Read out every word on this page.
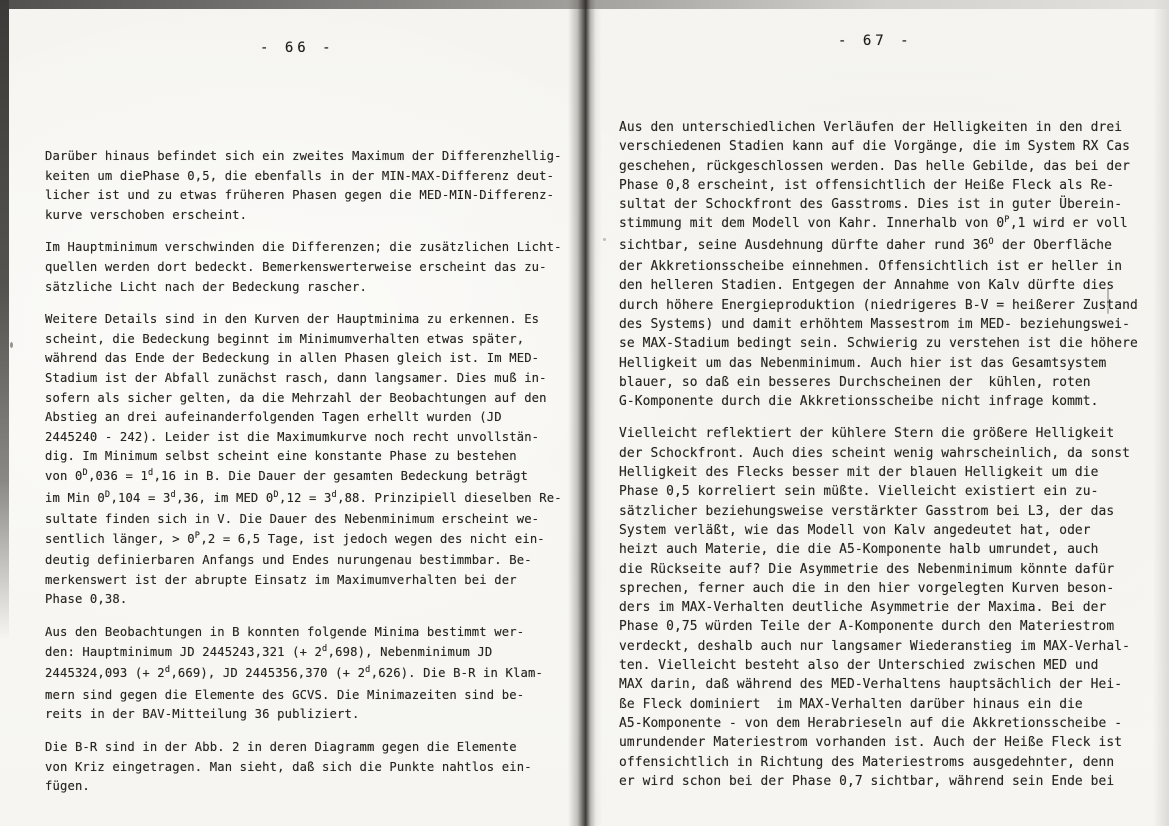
- 66 -	- 67 -
Darüber hinaus befindet sich ein zweites Maximum der Differenzhellig-
keiten um diePhase 0,5, die ebenfalls in der MIN-MAX-Differenz deut-
licher ist und zu etwas früheren Phasen gegen die MED-MIN-Differenz-
kurve verschoben erscheint.
Im Hauptminimum verschwinden die Differenzen; die zusätzlichen Licht-
quellen werden dort bedeckt. Bemerkenswerterweise erscheint das zu-
sätzliche Licht nach der Bedeckung rascher.
Weitere Details sind in den Kurven der Hauptminima zu erkennen. Es
scheint, die Bedeckung beginnt im Minimumverhalten etwas später,
während das Ende der Bedeckung in allen Phasen gleich ist. Im MED-
Stadium ist der Abfall zunächst rasch, dann langsamer. Dies muß in-
sofern als sicher gelten, da die Mehrzahl der Beobachtungen auf den
Abstieg an drei aufeinanderfolgenden Tagen erhellt wurden (JD
2445240 - 242). Leider ist die Maximumkurve noch recht unvollstän-
dig. Im Minimum selbst scheint eine konstante Phase zu bestehen
von 0D,036 = 1d,16 in B. Die Dauer der gesamten Bedeckung beträgt
im Min 0D,104 = 3d,36, im MED 0D,12 = 3d,88. Prinzipiell dieselben Re-
sultate finden sich in V. Die Dauer des Nebenminimum erscheint we-
sentlich länger, > 0P,2 = 6,5 Tage, ist jedoch wegen des nicht ein-
deutig definierbaren Anfangs und Endes nurungenau bestimmbar. Be-
merkenswert ist der abrupte Einsatz im Maximumverhalten bei der
Phase 0,38.
Aus den Beobachtungen in B konnten folgende Minima bestimmt wer-
den: Hauptminimum JD 2445243,321 (+ 2d,698), Nebenminimum JD
2445324,093 (+ 2d,669), JD 2445356,370 (+ 2d,626). Die B-R in Klam-
mern sind gegen die Elemente des GCVS. Die Minimazeiten sind be-
reits in der BAV-Mitteilung 36 publiziert.
Die B-R sind in der Abb. 2 in deren Diagramm gegen die Elemente
von Kriz eingetragen. Man sieht, daß sich die Punkte nahtlos ein-
fügen.
Aus den unterschiedlichen Verläufen der Helligkeiten in den drei
verschiedenen Stadien kann auf die Vorgänge, die im System RX Cas
geschehen, rückgeschlossen werden. Das helle Gebilde, das bei der
Phase 0,8 erscheint, ist offensichtlich der Heiße Fleck als Re-
sultat der Schockfront des Gasstroms. Dies ist in guter Überein-
stimmung mit dem Modell von Kahr. Innerhalb von 0P,1 wird er voll
sichtbar, seine Ausdehnung dürfte daher rund 36O der Oberfläche
der Akkretionsscheibe einnehmen. Offensichtlich ist er heller in
den helleren Stadien. Entgegen der Annahme von Kalv dürfte dies
durch höhere Energieproduktion (niedrigeres B-V = heißerer Zustand
des Systems) und damit erhöhtem Massestrom im MED- beziehungswei-
se MAX-Stadium bedingt sein. Schwierig zu verstehen ist die höhere
Helligkeit um das Nebenminimum. Auch hier ist das Gesamtsystem
blauer, so daß ein besseres Durchscheinen der  kühlen, roten
G-Komponente durch die Akkretionsscheibe nicht infrage kommt.
Vielleicht reflektiert der kühlere Stern die größere Helligkeit
der Schockfront. Auch dies scheint wenig wahrscheinlich, da sonst
Helligkeit des Flecks besser mit der blauen Helligkeit um die
Phase 0,5 korreliert sein müßte. Vielleicht existiert ein zu-
sätzlicher beziehungsweise verstärkter Gasstrom bei L3, der das
System verläßt, wie das Modell von Kalv angedeutet hat, oder
heizt auch Materie, die die A5-Komponente halb umrundet, auch
die Rückseite auf? Die Asymmetrie des Nebenminimum könnte dafür
sprechen, ferner auch die in den hier vorgelegten Kurven beson-
ders im MAX-Verhalten deutliche Asymmetrie der Maxima. Bei der
Phase 0,75 würden Teile der A-Komponente durch den Materiestrom
verdeckt, deshalb auch nur langsamer Wiederanstieg im MAX-Verhal-
ten. Vielleicht besteht also der Unterschied zwischen MED und
MAX darin, daß während des MED-Verhaltens hauptsächlich der Hei-
ße Fleck dominiert  im MAX-Verhalten darüber hinaus ein die
A5-Komponente - von dem Herabrieseln auf die Akkretionsscheibe -
umrundender Materiestrom vorhanden ist. Auch der Heiße Fleck ist
offensichtlich in Richtung des Materiestroms ausgedehnter, denn
er wird schon bei der Phase 0,7 sichtbar, während sein Ende bei
